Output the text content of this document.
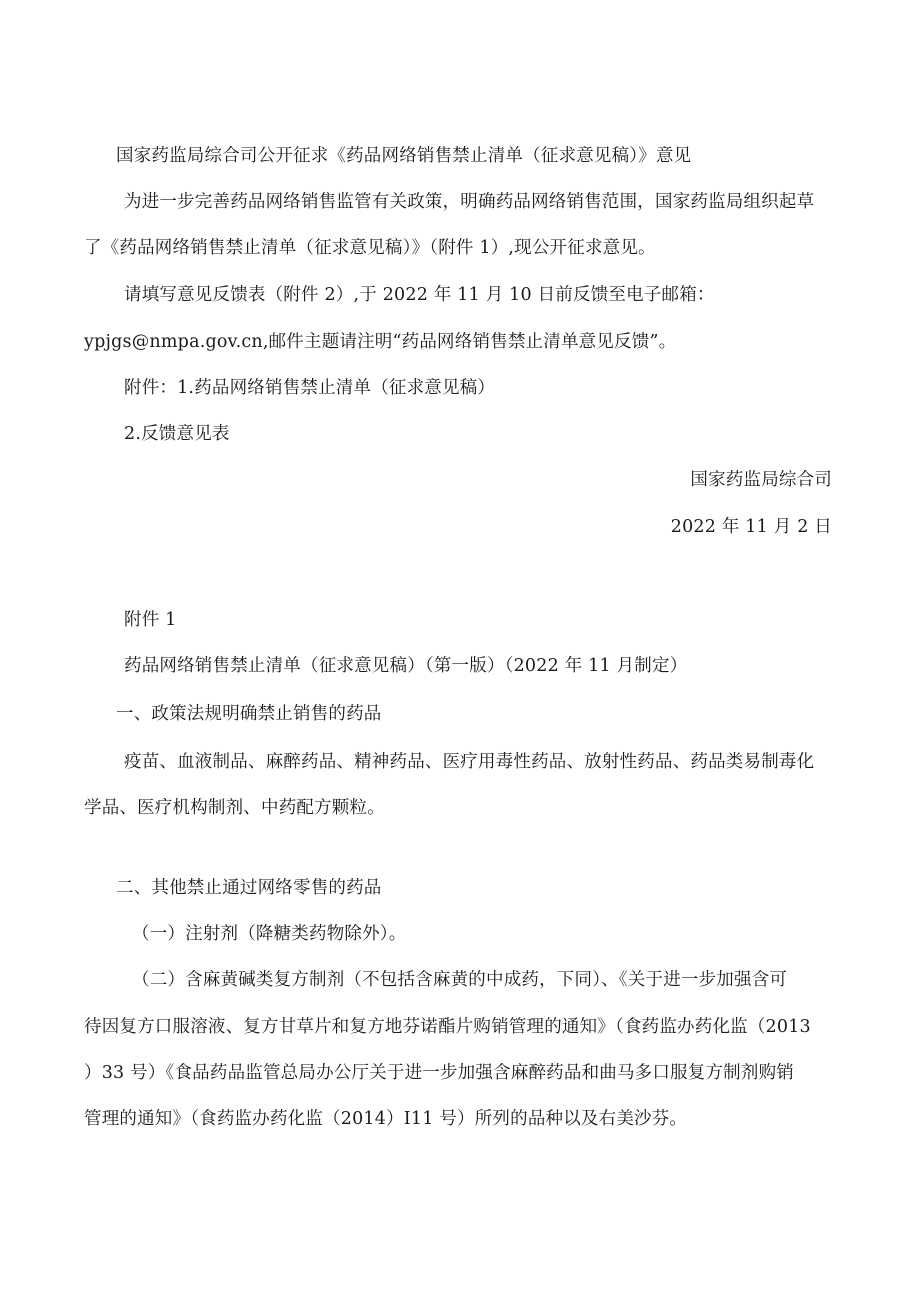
国家药监局综合司公开征求《药品网络销售禁止清单（征求意见稿）》意见
为进一步完善药品网络销售监管有关政策，明确药品网络销售范围，国家药监局组织起草
了《药品网络销售禁止清单（征求意见稿）》（附件 1）,现公开征求意见。
请填写意见反馈表（附件 2）,于 2022 年 11 月 10 日前反馈至电子邮箱：
ypjgs@nmpa.gov.cn,邮件主题请注明“药品网络销售禁止清单意见反馈”。
附件：1.药品网络销售禁止清单（征求意见稿）
2.反馈意见表
国家药监局综合司
2022 年 11 月 2 日
附件 1
药品网络销售禁止清单（征求意见稿）（第一版）（2022 年 11 月制定）
一、政策法规明确禁止销售的药品
疫苗、血液制品、麻醉药品、精神药品、医疗用毒性药品、放射性药品、药品类易制毒化
学品、医疗机构制剂、中药配方颗粒。
二、其他禁止通过网络零售的药品
（一）注射剂（降糖类药物除外）。
（二）含麻黄碱类复方制剂（不包括含麻黄的中成药，下同）、《关于进一步加强含可
待因复方口服溶液、复方甘草片和复方地芬诺酯片购销管理的通知》（食药监办药化监（2013
）33 号）《食品药品监管总局办公厅关于进一步加强含麻醉药品和曲马多口服复方制剂购销
管理的通知》（食药监办药化监（2014）I11 号）所列的品种以及右美沙芬。
